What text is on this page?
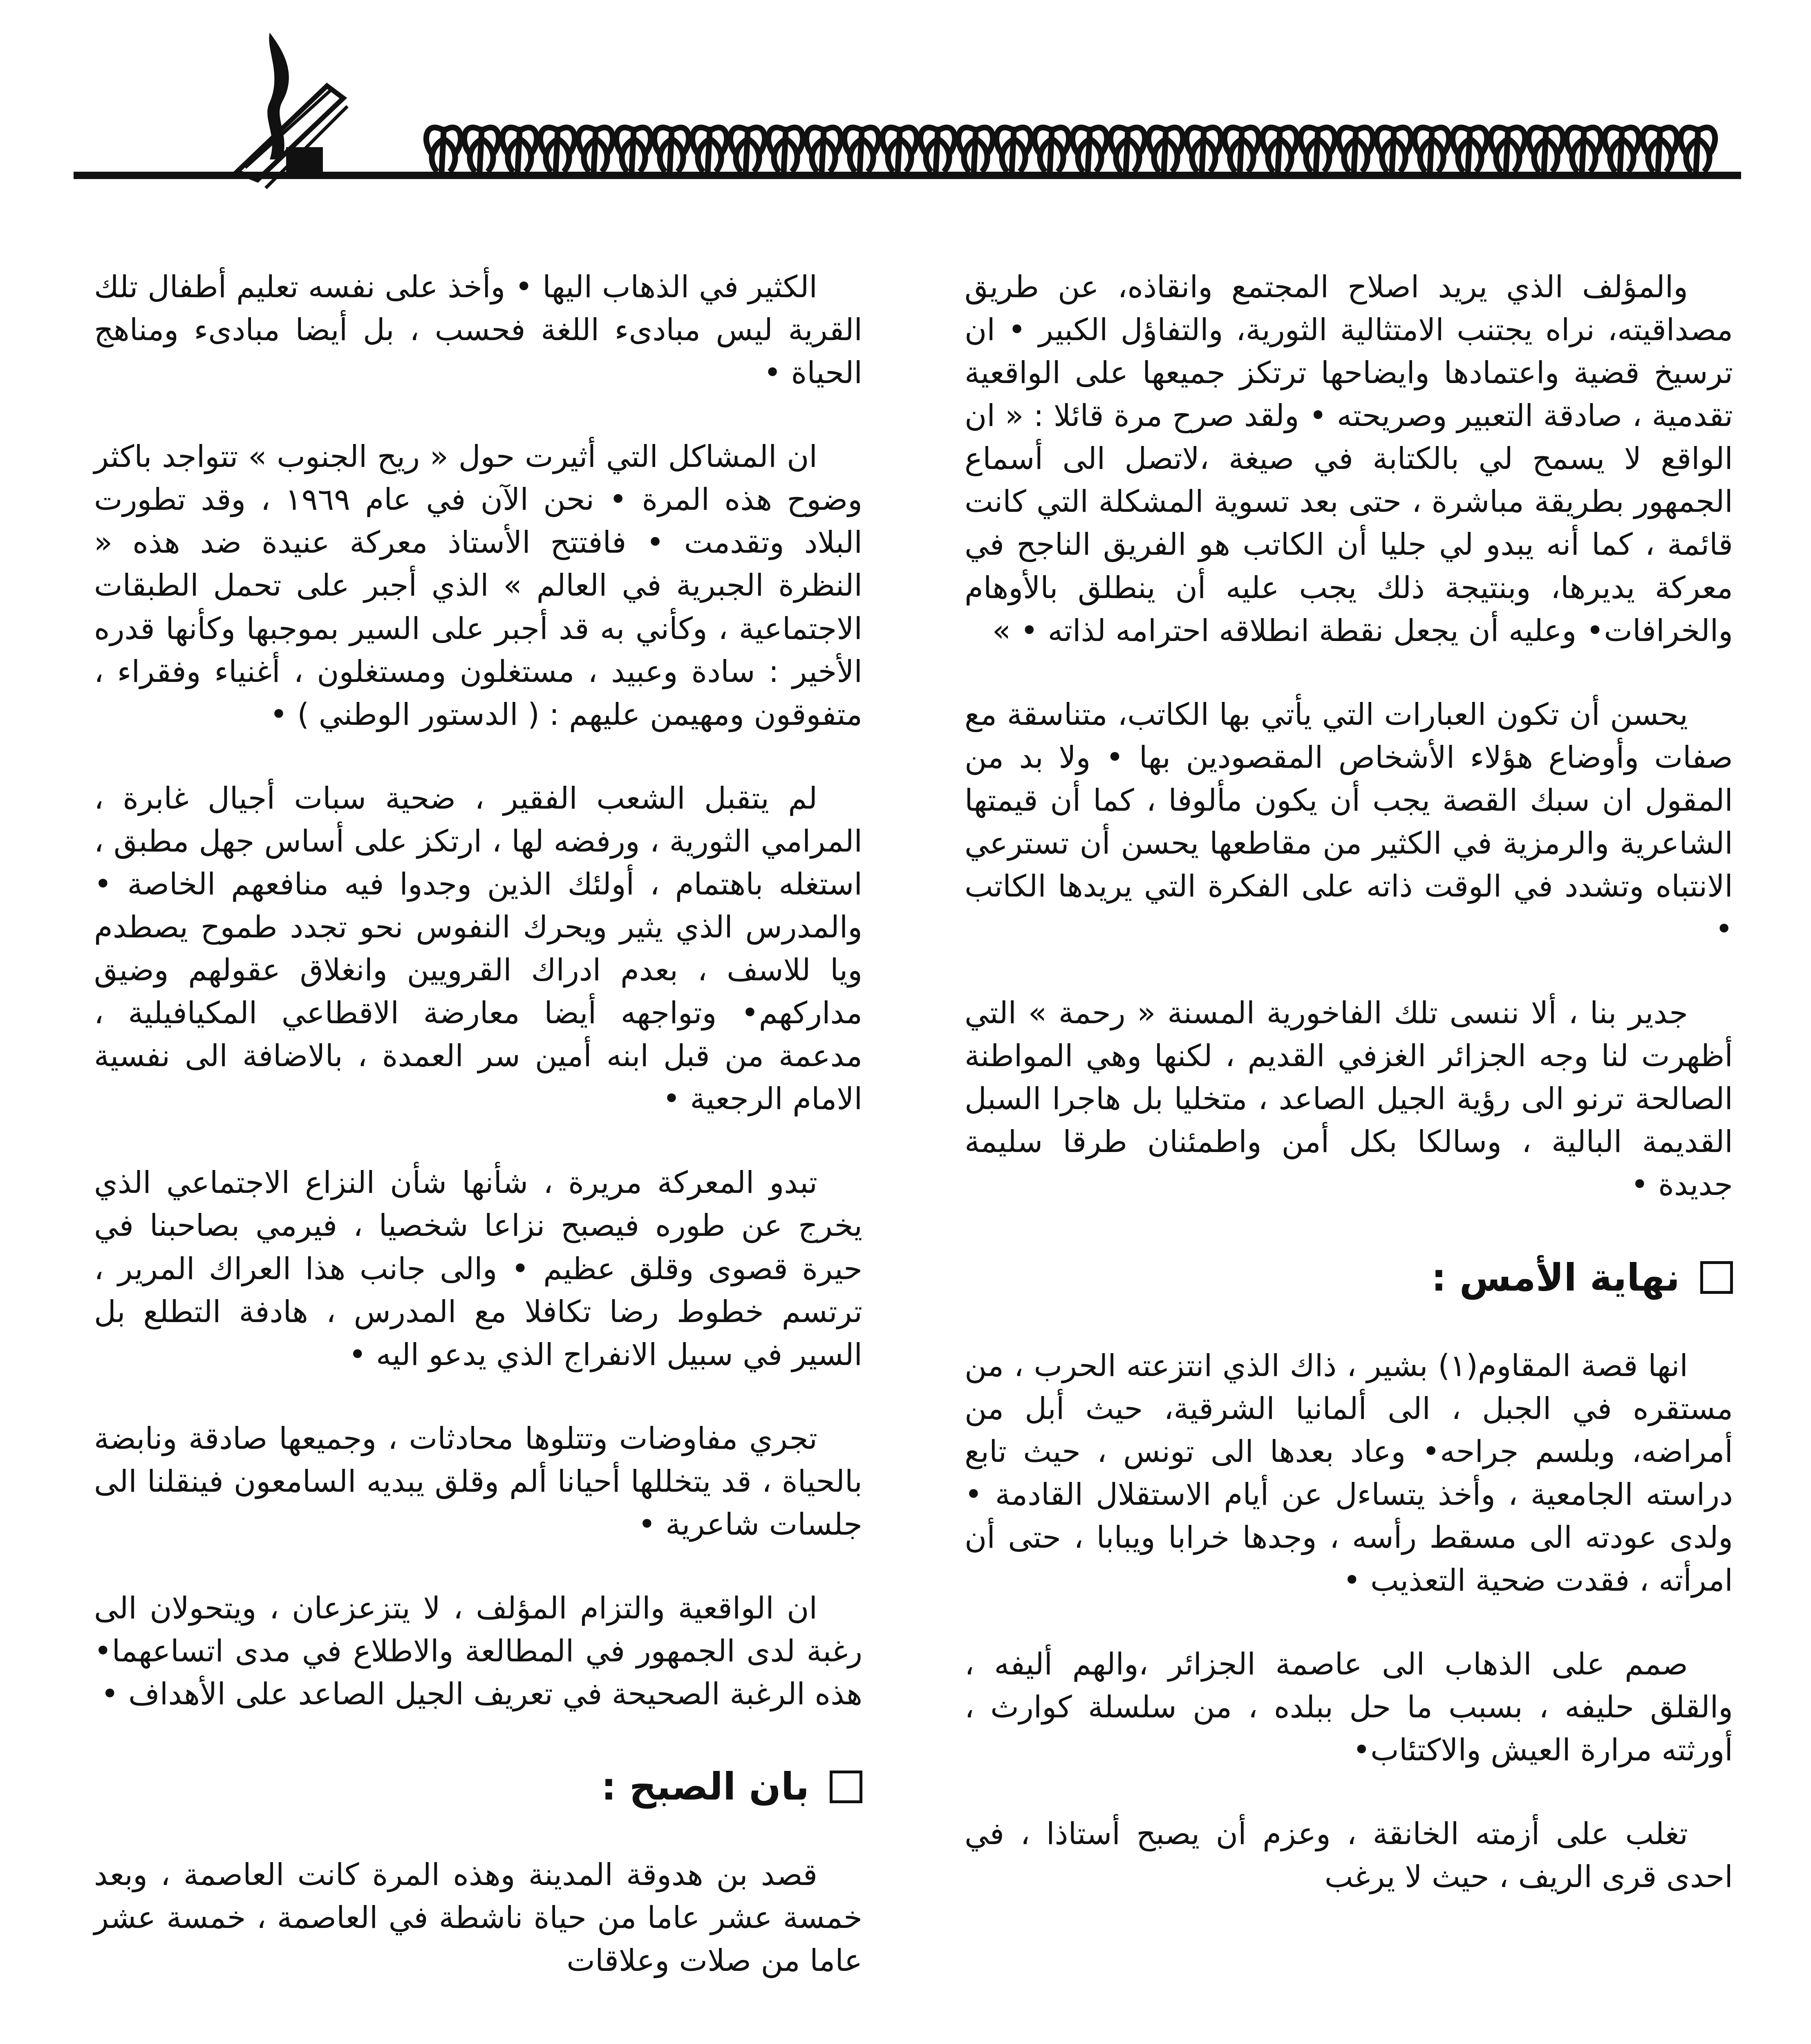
والمؤلف الذي يريد اصلاح المجتمع وانقاذه، عن طريق مصداقيته، نراه يجتنب الامتثالية الثورية، والتفاؤل الكبير • ان ترسيخ قضية واعتمادها وايضاحها ترتكز جميعها على الواقعية تقدمية ، صادقة التعبير وصريحته • ولقد صرح مرة قائلا : « ان الواقع لا يسمح لي بالكتابة في صيغة ،لاتصل الى أسماع الجمهور بطريقة مباشرة ، حتى بعد تسوية المشكلة التي كانت قائمة ، كما أنه يبدو لي جليا أن الكاتب هو الفريق الناجح في معركة يديرها، وبنتيجة ذلك يجب عليه أن ينطلق بالأوهام والخرافات• وعليه أن يجعل نقطة انطلاقه احترامه لذاته • »

يحسن أن تكون العبارات التي يأتي بها الكاتب، متناسقة مع صفات وأوضاع هؤلاء الأشخاص المقصودين بها • ولا بد من المقول ان سبك القصة يجب أن يكون مألوفا ، كما أن قيمتها الشاعرية والرمزية في الكثير من مقاطعها يحسن أن تسترعي الانتباه وتشدد في الوقت ذاته على الفكرة التي يريدها الكاتب •

جدير بنا ، ألا ننسى تلك الفاخورية المسنة « رحمة » التي أظهرت لنا وجه الجزائر الغزفي القديم ، لكنها وهي المواطنة الصالحة ترنو الى رؤية الجيل الصاعد ، متخليا بل هاجرا السبل القديمة البالية ، وسالكا بكل أمن واطمئنان طرقا سليمة جديدة •

نهاية الأمس :

انها قصة المقاوم(١) بشير ، ذاك الذي انتزعته الحرب ، من مستقره في الجبل ، الى ألمانيا الشرقية، حيث أبل من أمراضه، وبلسم جراحه• وعاد بعدها الى تونس ، حيث تابع دراسته الجامعية ، وأخذ يتساءل عن أيام الاستقلال القادمة • ولدى عودته الى مسقط رأسه ، وجدها خرابا ويبابا ، حتى أن امرأته ، فقدت ضحية التعذيب •

صمم على الذهاب الى عاصمة الجزائر ،والهم أليفه ، والقلق حليفه ، بسبب ما حل ببلده ، من سلسلة كوارث ، أورثته مرارة العيش والاكتئاب•

تغلب على أزمته الخانقة ، وعزم أن يصبح أستاذا ، في احدى قرى الريف ، حيث لا يرغب

الكثير في الذهاب اليها • وأخذ على نفسه تعليم أطفال تلك القرية ليس مبادىء اللغة فحسب ، بل أيضا مبادىء ومناهج الحياة •

ان المشاكل التي أثيرت حول « ريح الجنوب » تتواجد باكثر وضوح هذه المرة • نحن الآن في عام ١٩٦٩ ، وقد تطورت البلاد وتقدمت • فافتتح الأستاذ معركة عنيدة ضد هذه « النظرة الجبرية في العالم » الذي أجبر على تحمل الطبقات الاجتماعية ، وكأني به قد أجبر على السير بموجبها وكأنها قدره الأخير : سادة وعبيد ، مستغلون ومستغلون ، أغنياء وفقراء ، متفوقون ومهيمن عليهم : ( الدستور الوطني ) •

لم يتقبل الشعب الفقير ، ضحية سبات أجيال غابرة ، المرامي الثورية ، ورفضه لها ، ارتكز على أساس جهل مطبق ، استغله باهتمام ، أولئك الذين وجدوا فيه منافعهم الخاصة • والمدرس الذي يثير ويحرك النفوس نحو تجدد طموح يصطدم ويا للاسف ، بعدم ادراك القرويين وانغلاق عقولهم وضيق مداركهم• وتواجهه أيضا معارضة الاقطاعي المكيافيلية ، مدعمة من قبل ابنه أمين سر العمدة ، بالاضافة الى نفسية الامام الرجعية •

تبدو المعركة مريرة ، شأنها شأن النزاع الاجتماعي الذي يخرج عن طوره فيصبح نزاعا شخصيا ، فيرمي بصاحبنا في حيرة قصوى وقلق عظيم • والى جانب هذا العراك المرير ، ترتسم خطوط رضا تكافلا مع المدرس ، هادفة التطلع بل السير في سبيل الانفراج الذي يدعو اليه •

تجري مفاوضات وتتلوها محادثات ، وجميعها صادقة ونابضة بالحياة ، قد يتخللها أحيانا ألم وقلق يبديه السامعون فينقلنا الى جلسات شاعرية •

ان الواقعية والتزام المؤلف ، لا يتزعزعان ، ويتحولان الى رغبة لدى الجمهور في المطالعة والاطلاع في مدى اتساعهما• هذه الرغبة الصحيحة في تعريف الجيل الصاعد على الأهداف •

بان الصبح :

قصد بن هدوقة المدينة وهذه المرة كانت العاصمة ، وبعد خمسة عشر عاما من حياة ناشطة في العاصمة ، خمسة عشر عاما من صلات وعلاقات
